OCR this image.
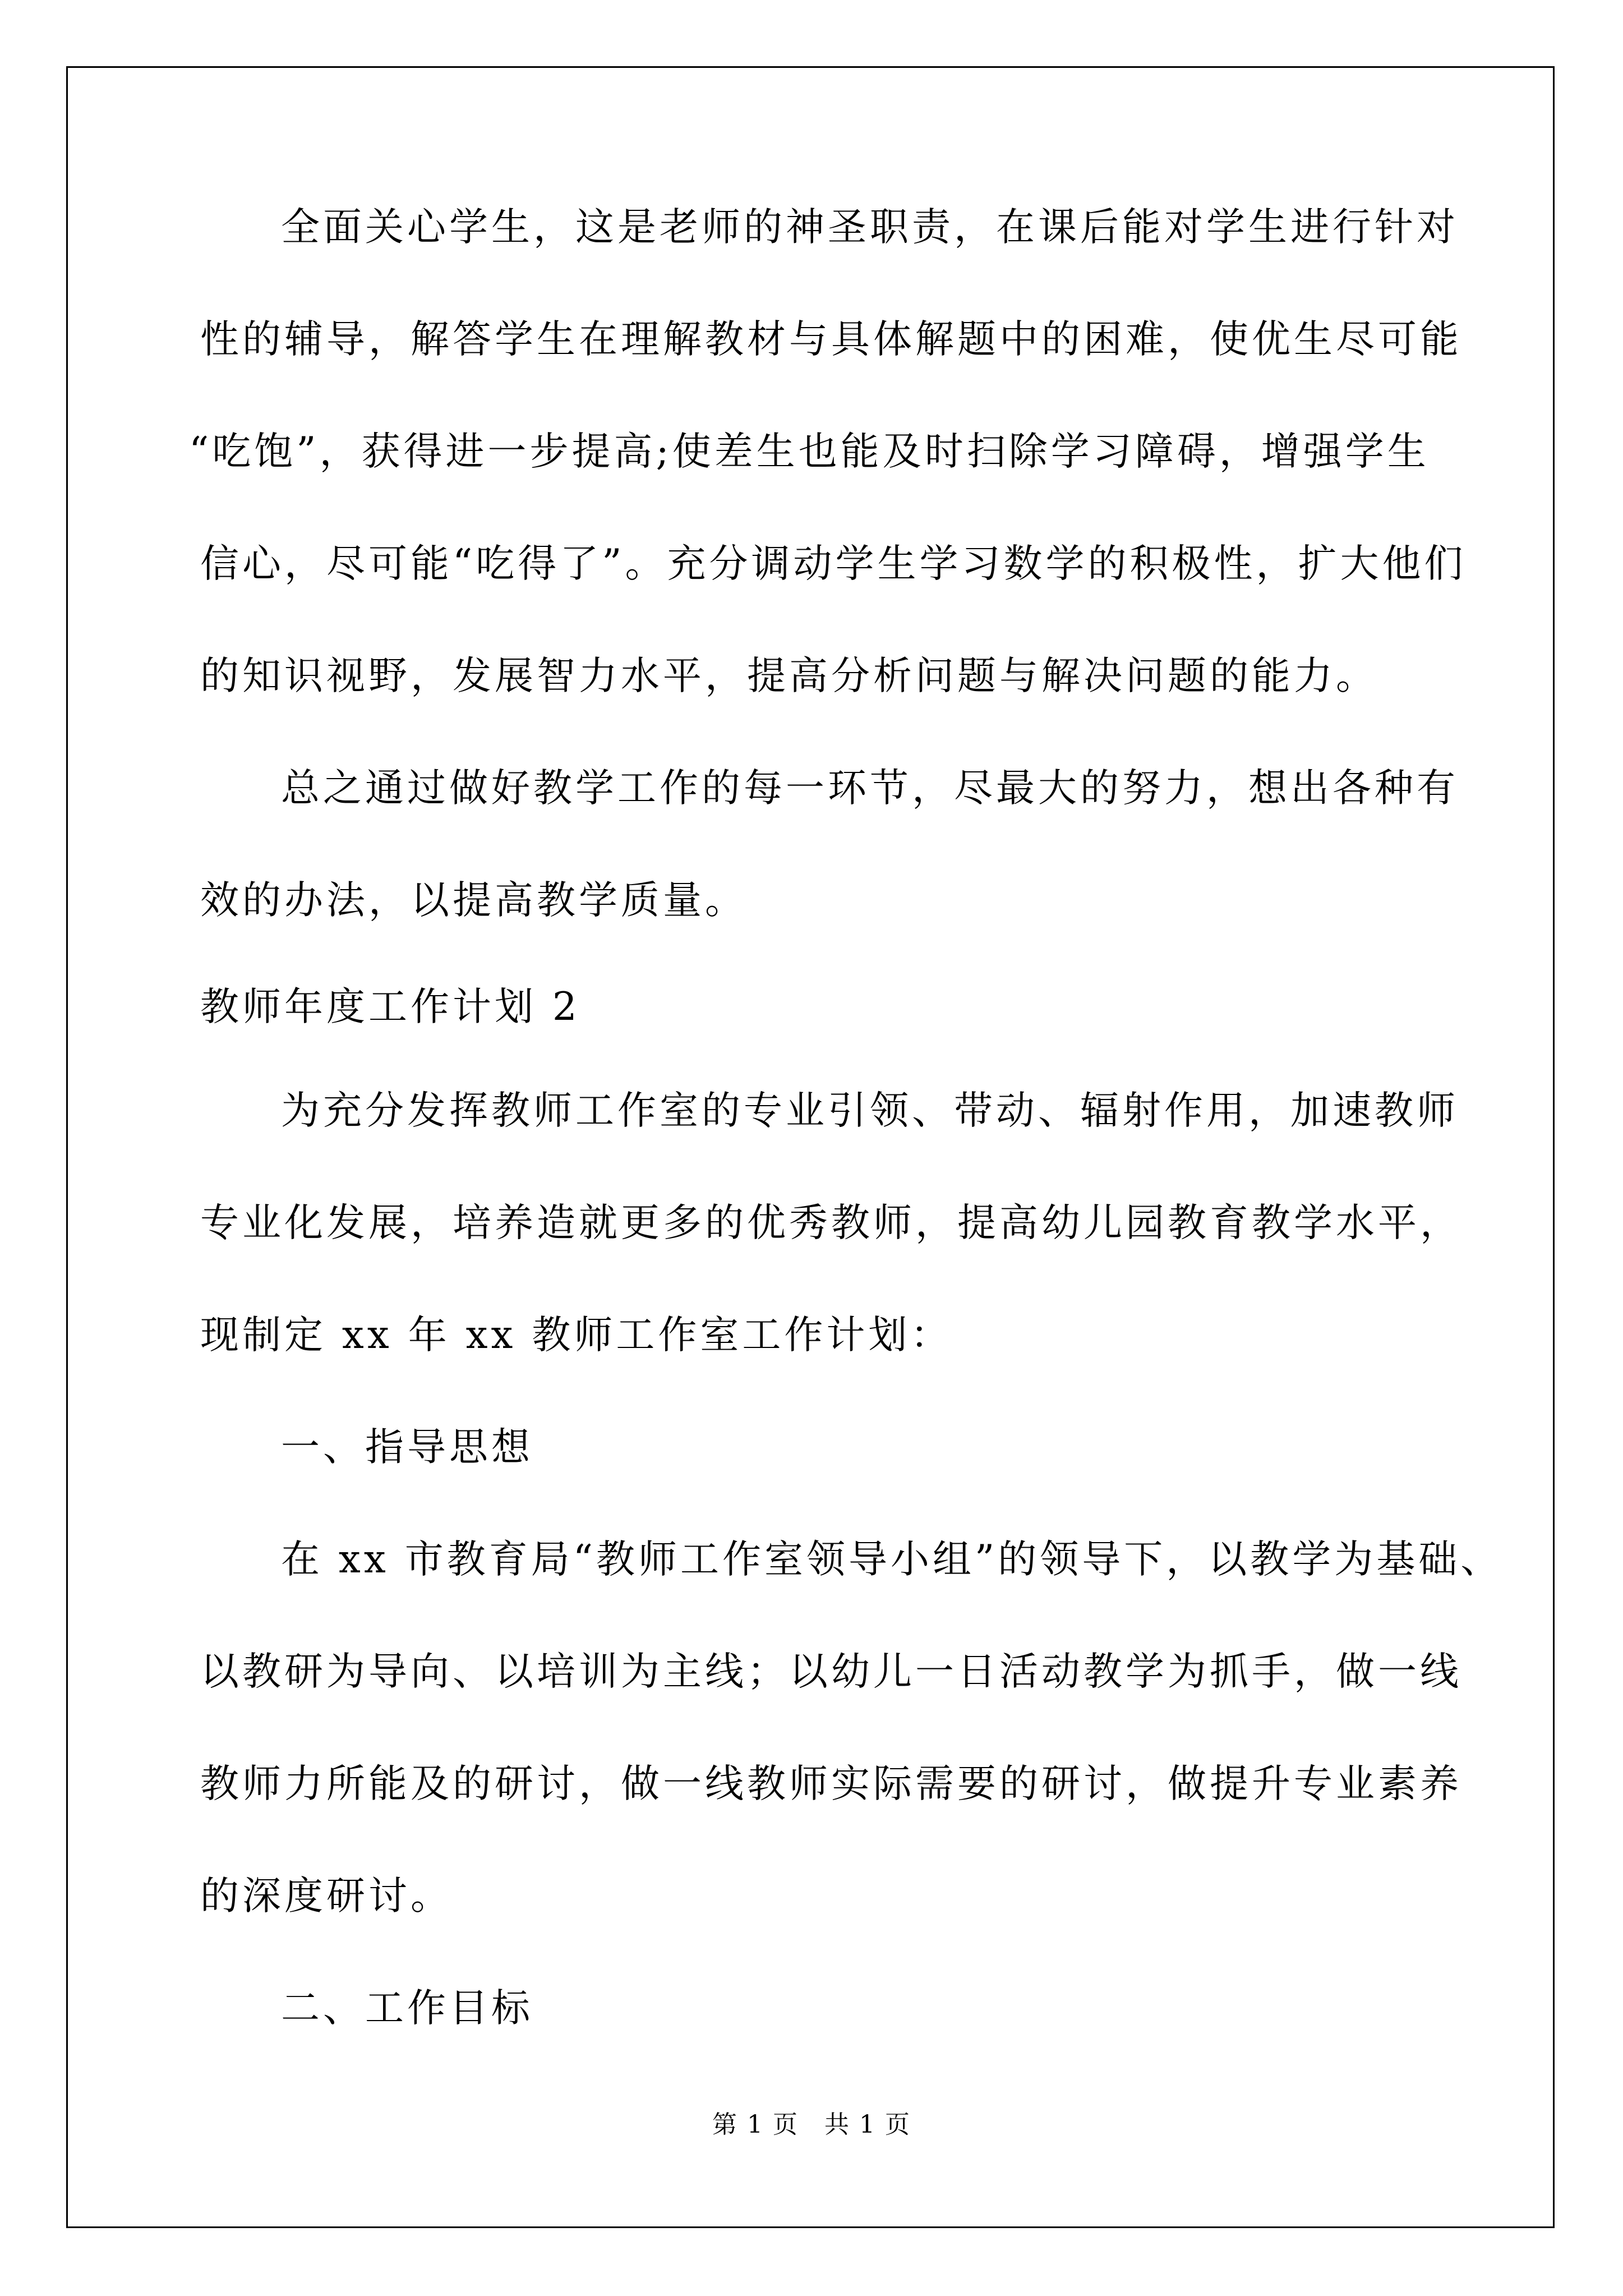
全面关心学生，这是老师的神圣职责，在课后能对学生进行针对
性的辅导，解答学生在理解教材与具体解题中的困难，使优生尽可能
“吃饱”，获得进一步提高;使差生也能及时扫除学习障碍，增强学生
信心，尽可能“吃得了”。充分调动学生学习数学的积极性，扩大他们
的知识视野，发展智力水平，提高分析问题与解决问题的能力。
总之通过做好教学工作的每一环节，尽最大的努力，想出各种有
效的办法，以提高教学质量。
教师年度工作计划 2
为充分发挥教师工作室的专业引领、带动、辐射作用，加速教师
专业化发展，培养造就更多的优秀教师，提高幼儿园教育教学水平，
现制定 xx 年 xx 教师工作室工作计划：
一、指导思想
在 xx 市教育局“教师工作室领导小组”的领导下，以教学为基础、
以教研为导向、以培训为主线；以幼儿一日活动教学为抓手，做一线
教师力所能及的研讨，做一线教师实际需要的研讨，做提升专业素养
的深度研讨。
二、工作目标
第 1 页　共 1 页
